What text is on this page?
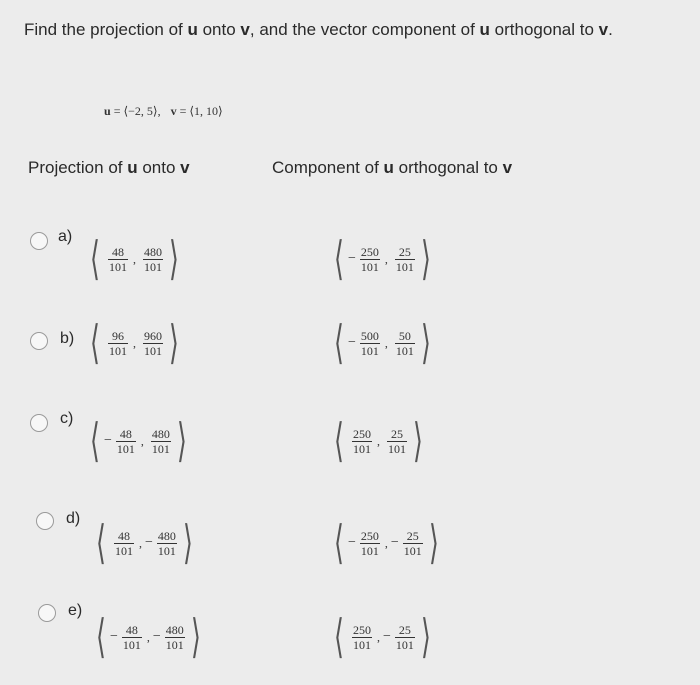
Find the projection of u onto v, and the vector component of u orthogonal to v.
u = ⟨−2, 5⟩, v = ⟨1, 10⟩
Projection of u onto v	Component of u orthogonal to v
a) ⟨ $\frac{48}{101}$ , $\frac{480}{101}$ ⟩	⟨ − $\frac{250}{101}$ , $\frac{25}{101}$ ⟩
b) ⟨ $\frac{96}{101}$ , $\frac{960}{101}$ ⟩	⟨ − $\frac{500}{101}$ , $\frac{50}{101}$ ⟩
c) ⟨ − $\frac{48}{101}$ , $\frac{480}{101}$ ⟩	⟨ $\frac{250}{101}$ , $\frac{25}{101}$ ⟩
d) ⟨ $\frac{48}{101}$ , − $\frac{480}{101}$ ⟩	⟨ − $\frac{250}{101}$ , − $\frac{25}{101}$ ⟩
e)
⟨ − $\frac{48}{101}$ , − $\frac{480}{101}$ ⟩	⟨ $\frac{250}{101}$ , − $\frac{25}{101}$ ⟩
